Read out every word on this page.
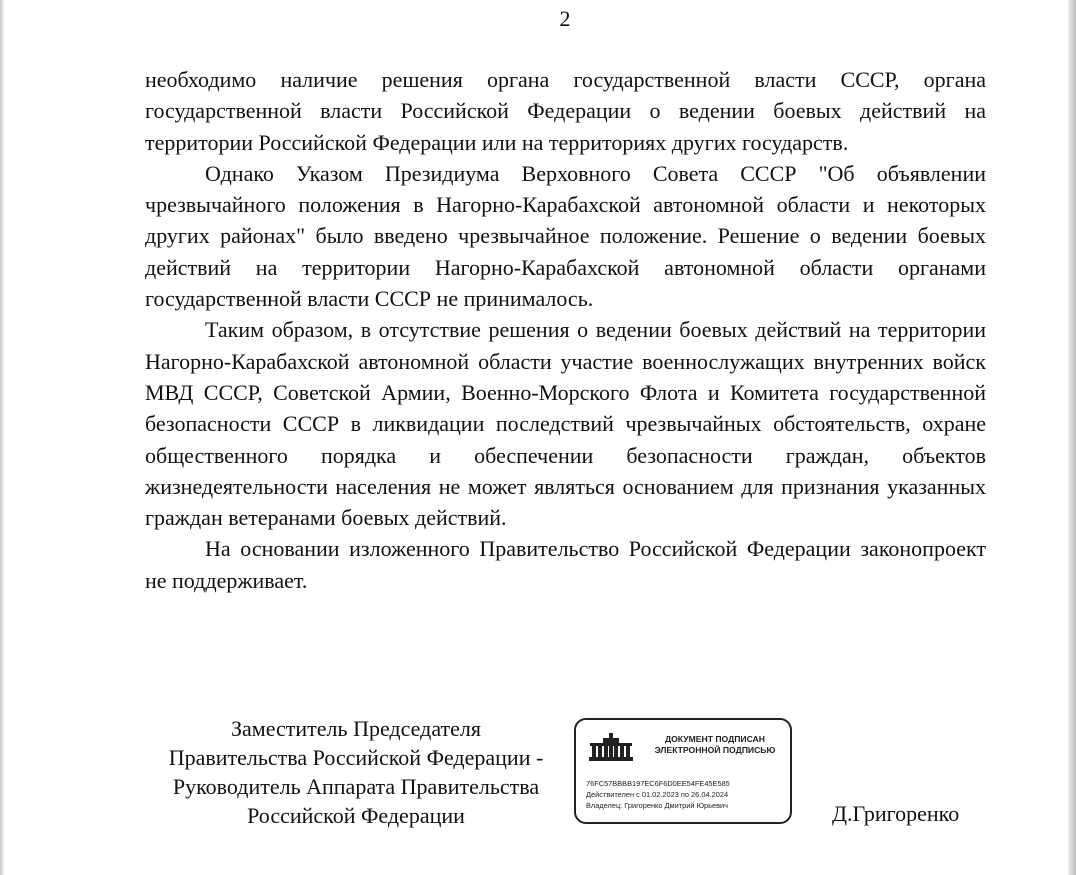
2

необходимо наличие решения органа государственной власти СССР, органа государственной власти Российской Федерации о ведении боевых действий на территории Российской Федерации или на территориях других государств.

Однако Указом Президиума Верховного Совета СССР "Об объявлении чрезвычайного положения в Нагорно-Карабахской автономной области и некоторых других районах" было введено чрезвычайное положение. Решение о ведении боевых действий на территории Нагорно-Карабахской автономной области органами государственной власти СССР не принималось.

Таким образом, в отсутствие решения о ведении боевых действий на территории Нагорно-Карабахской автономной области участие военнослужащих внутренних войск МВД СССР, Советской Армии, Военно-Морского Флота и Комитета государственной безопасности СССР в ликвидации последствий чрезвычайных обстоятельств, охране общественного порядка и обеспечении безопасности граждан, объектов жизнедеятельности населения не может являться основанием для признания указанных граждан ветеранами боевых действий.

На основании изложенного Правительство Российской Федерации законопроект не поддерживает.

Заместитель Председателя
Правительства Российской Федерации -
Руководитель Аппарата Правительства
Российской Федерации
ДОКУМЕНТ ПОДПИСАН
ЭЛЕКТРОННОЙ ПОДПИСЬЮ
76FC57BBBB197EC6F6D0EE54FE45E585
Действителен с 01.02.2023 по 26.04.2024
Владелец: Григоренко Дмитрий Юрьевич	Д.Григоренко
